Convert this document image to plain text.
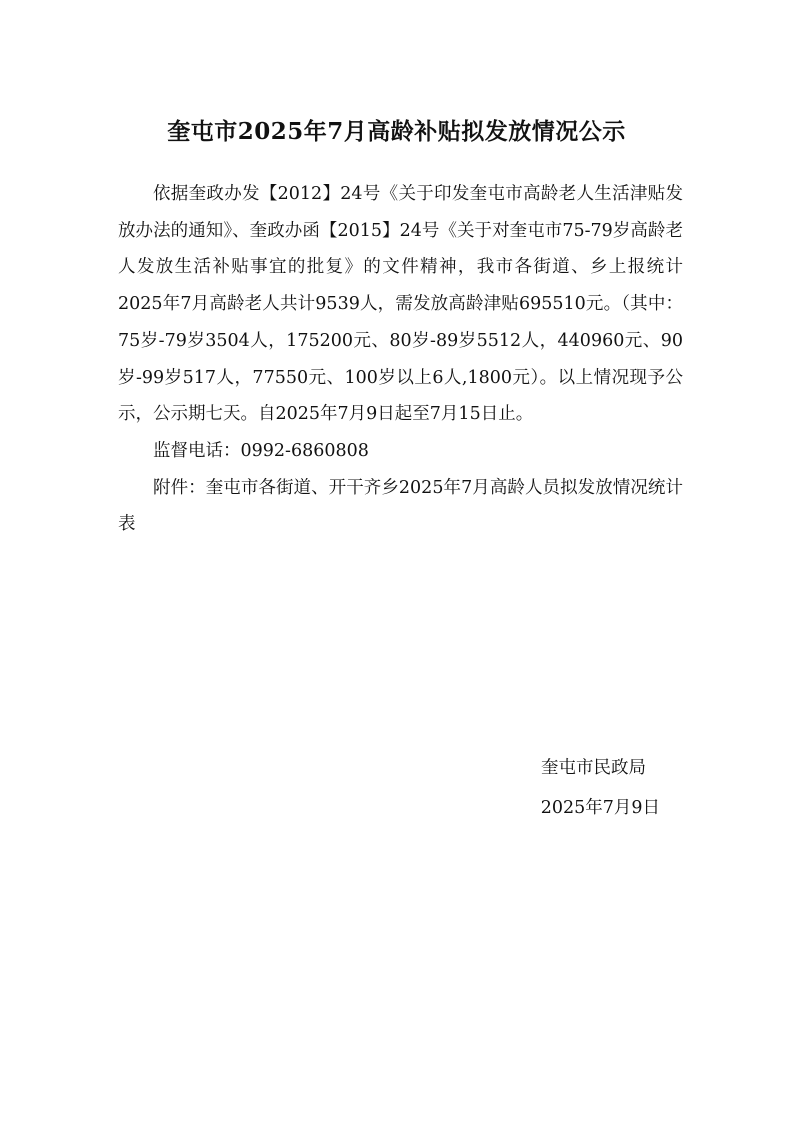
奎屯市2025年7月高龄补贴拟发放情况公示

依据奎政办发【2012】24号《关于印发奎屯市高龄老人生活津贴发放办法的通知》、奎政办函【2015】24号《关于对奎屯市75-79岁高龄老人发放生活补贴事宜的批复》的文件精神，我市各街道、乡上报统计2025年7月高龄老人共计9539人，需发放高龄津贴695510元。（其中：75岁-79岁3504人，175200元、80岁-89岁5512人，440960元、90岁-99岁517人，77550元、100岁以上6人,1800元）。以上情况现予公示，公示期七天。自2025年7月9日起至7月15日止。

监督电话：0992-6860808

附件：奎屯市各街道、开干齐乡2025年7月高龄人员拟发放情况统计表

奎屯市民政局
2025年7月9日
